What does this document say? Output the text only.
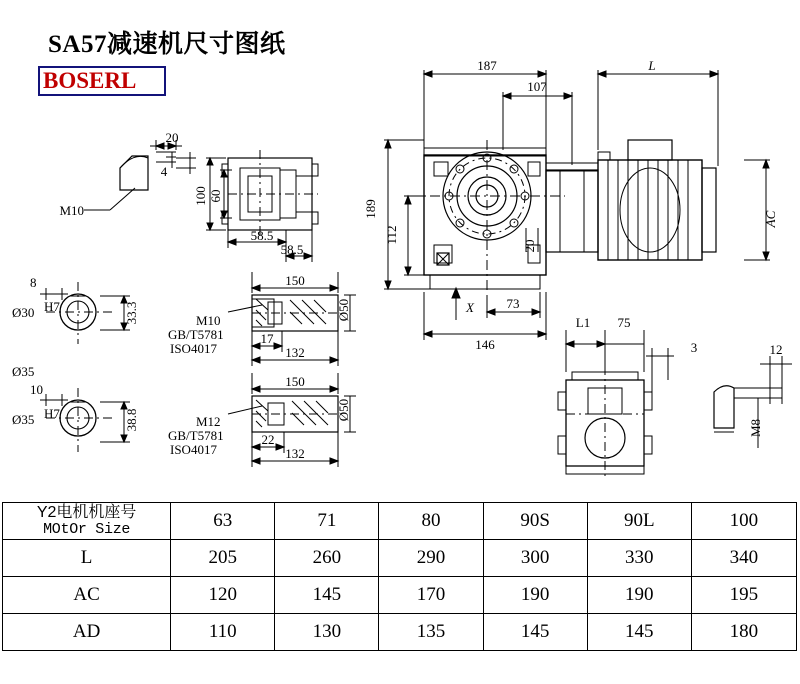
SA57减速机尺寸图纸
BOSERL
187	L
107
189
112
AC
20
20
4
M10
100 60
58.5
58.5
X	73
146
8
Ø30 H7	33.3
Ø35
10
Ø35 H7	38.8
150
17
132
M10
GB/T5781
ISO4017
Ø50
150
22
132
M12
GB/T5781
ISO4017
Ø50
L1 75
3	12
M8
Y2电机机座号
MOtOr Size	63	71	80	90S	90L	100
L	205	260	290	300	330	340
AC	120	145	170	190	190	195
AD	110	130	135	145	145	180
